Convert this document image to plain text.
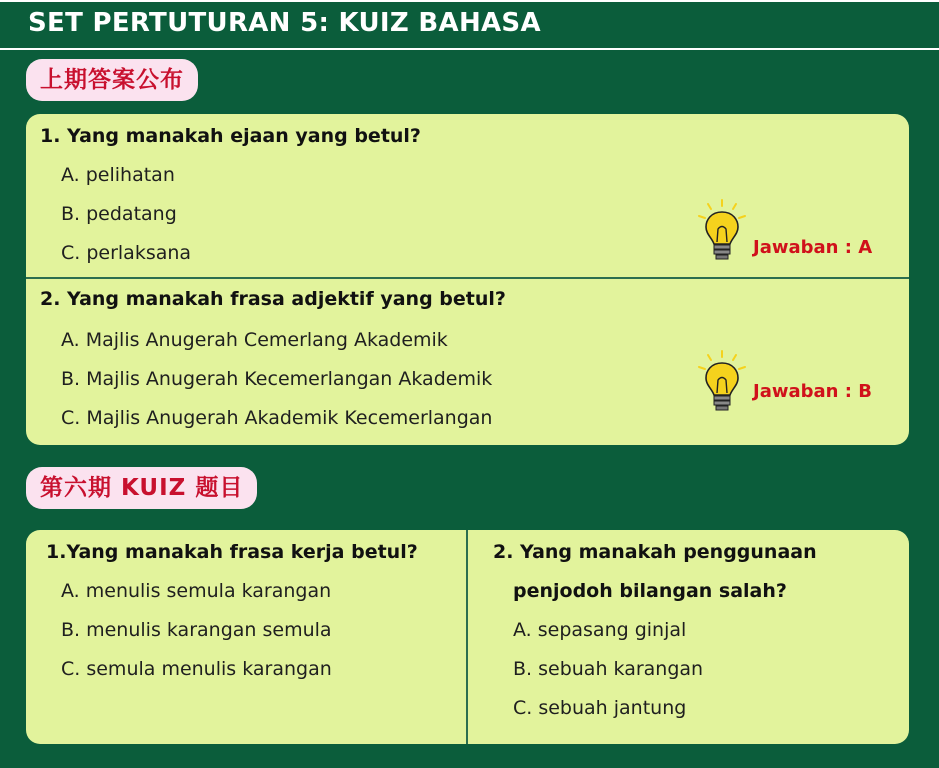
SET PERTUTURAN 5: KUIZ BAHASA
上期答案公布
1. Yang manakah ejaan yang betul?
A. pelihatan
B. pedatang
C. perlaksana	Jawaban : A
2. Yang manakah frasa adjektif yang betul?
A. Majlis Anugerah Cemerlang Akademik
B. Majlis Anugerah Kecemerlangan Akademik
C. Majlis Anugerah Akademik Kecemerlangan
Jawaban : B
第六期 KUIZ 题目
1.Yang manakah frasa kerja betul?
A. menulis semula karangan
B. menulis karangan semula
C. semula menulis karangan
2. Yang manakah penggunaan
penjodoh bilangan salah?
A. sepasang ginjal
B. sebuah karangan
C. sebuah jantung
